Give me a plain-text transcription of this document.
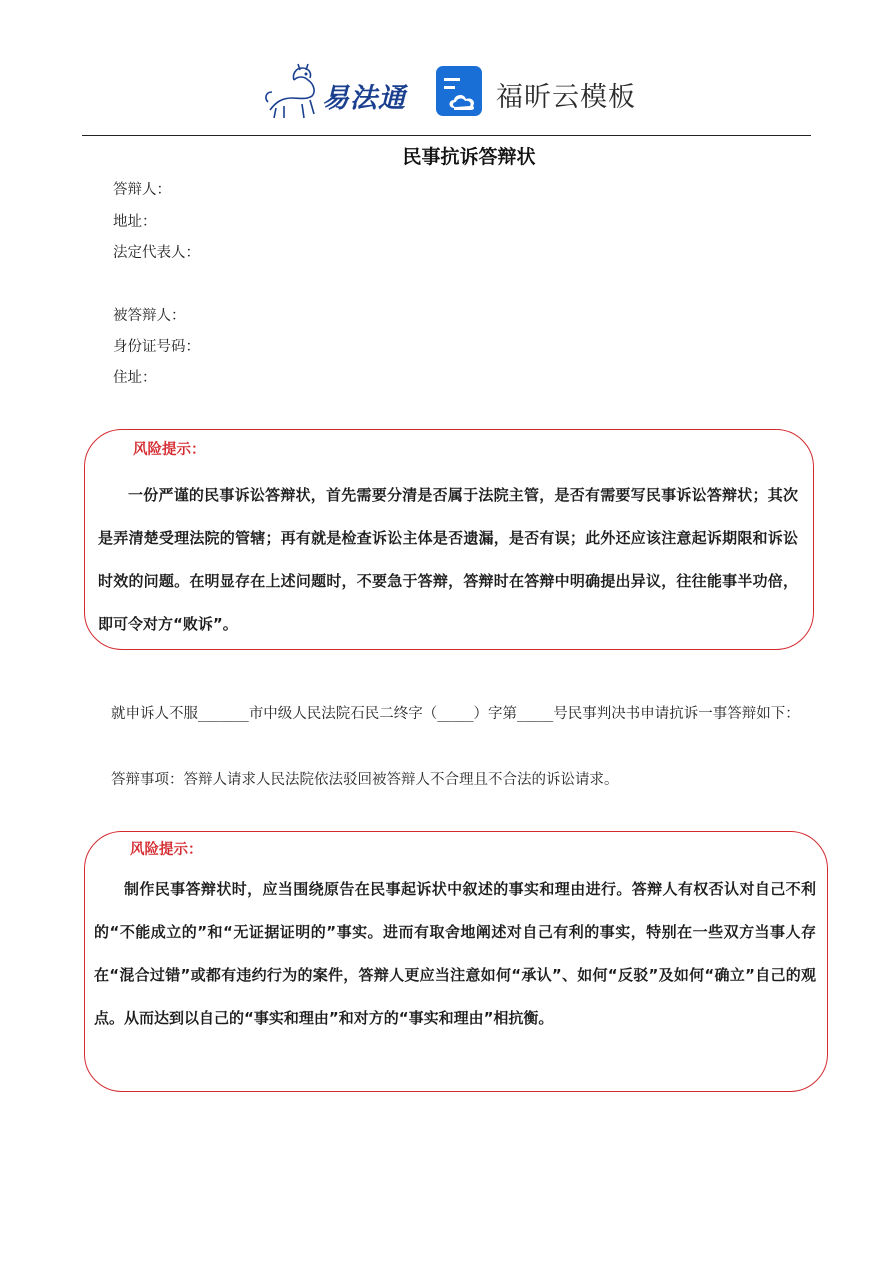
易法通	福昕云模板
民事抗诉答辩状
答辩人：
地址：
法定代表人：
被答辩人：
身份证号码：
住址：
风险提示：

一份严谨的民事诉讼答辩状，首先需要分清是否属于法院主管，是否有需要写民事诉讼答辩状；其次是弄清楚受理法院的管辖；再有就是检查诉讼主体是否遗漏，是否有误；此外还应该注意起诉期限和诉讼时效的问题。在明显存在上述问题时，不要急于答辩，答辩时在答辩中明确提出异议，往往能事半功倍，即可令对方“败诉”。

就申诉人不服_______市中级人民法院石民二终字（_____）字第_____号民事判决书申请抗诉一事答辩如下：

答辩事项：答辩人请求人民法院依法驳回被答辩人不合理且不合法的诉讼请求。

风险提示：

制作民事答辩状时，应当围绕原告在民事起诉状中叙述的事实和理由进行。答辩人有权否认对自己不利的“不能成立的”和“无证据证明的”事实。进而有取舍地阐述对自己有利的事实，特别在一些双方当事人存在“混合过错”或都有违约行为的案件，答辩人更应当注意如何“承认”、如何“反驳”及如何“确立”自己的观点。从而达到以自己的“事实和理由”和对方的“事实和理由”相抗衡。
